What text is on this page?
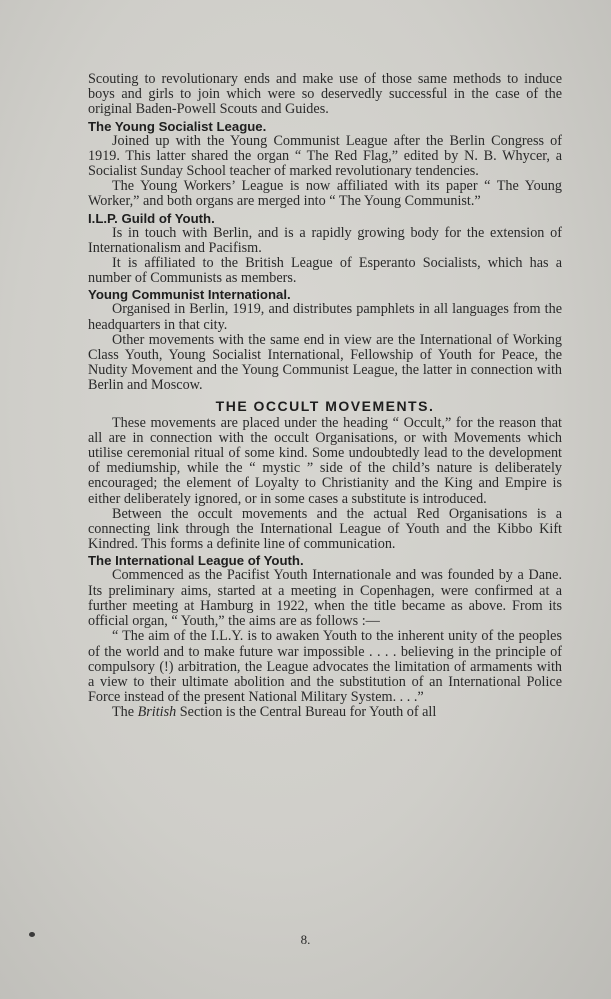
Scouting to revolutionary ends and make use of those same methods to induce boys and girls to join which were so deservedly successful in the case of the original Baden-Powell Scouts and Guides.

The Young Socialist League.

Joined up with the Young Communist League after the Berlin Congress of 1919. This latter shared the organ “ The Red Flag,” edited by N. B. Whycer, a Socialist Sunday School teacher of marked revolutionary tendencies.

The Young Workers’ League is now affiliated with its paper “ The Young Worker,” and both organs are merged into “ The Young Communist.”

I.L.P. Guild of Youth.

Is in touch with Berlin, and is a rapidly growing body for the extension of Internationalism and Pacifism.

It is affiliated to the British League of Esperanto Socialists, which has a number of Communists as members.

Young Communist International.

Organised in Berlin, 1919, and distributes pamphlets in all languages from the headquarters in that city.

Other movements with the same end in view are the International of Working Class Youth, Young Socialist International, Fellowship of Youth for Peace, the Nudity Movement and the Young Communist League, the latter in connection with Berlin and Moscow.

THE OCCULT MOVEMENTS.

These movements are placed under the heading “ Occult,” for the reason that all are in connection with the occult Organisations, or with Movements which utilise ceremonial ritual of some kind. Some undoubtedly lead to the development of mediumship, while the “ mystic ” side of the child’s nature is deliberately encouraged; the element of Loyalty to Christianity and the King and Empire is either deliberately ignored, or in some cases a substitute is introduced.

Between the occult movements and the actual Red Organisations is a connecting link through the International League of Youth and the Kibbo Kift Kindred. This forms a definite line of communication.

The International League of Youth.

Commenced as the Pacifist Youth Internationale and was founded by a Dane. Its preliminary aims, started at a meeting in Copenhagen, were confirmed at a further meeting at Hamburg in 1922, when the title became as above. From its official organ, “ Youth,” the aims are as follows :—

“ The aim of the I.L.Y. is to awaken Youth to the inherent unity of the peoples of the world and to make future war impossible . . . . believing in the principle of compulsory (!) arbitration, the League advocates the limitation of armaments with a view to their ultimate abolition and the substitution of an International Police Force instead of the present National Military System. . . .”

The British Section is the Central Bureau for Youth of all

8.
